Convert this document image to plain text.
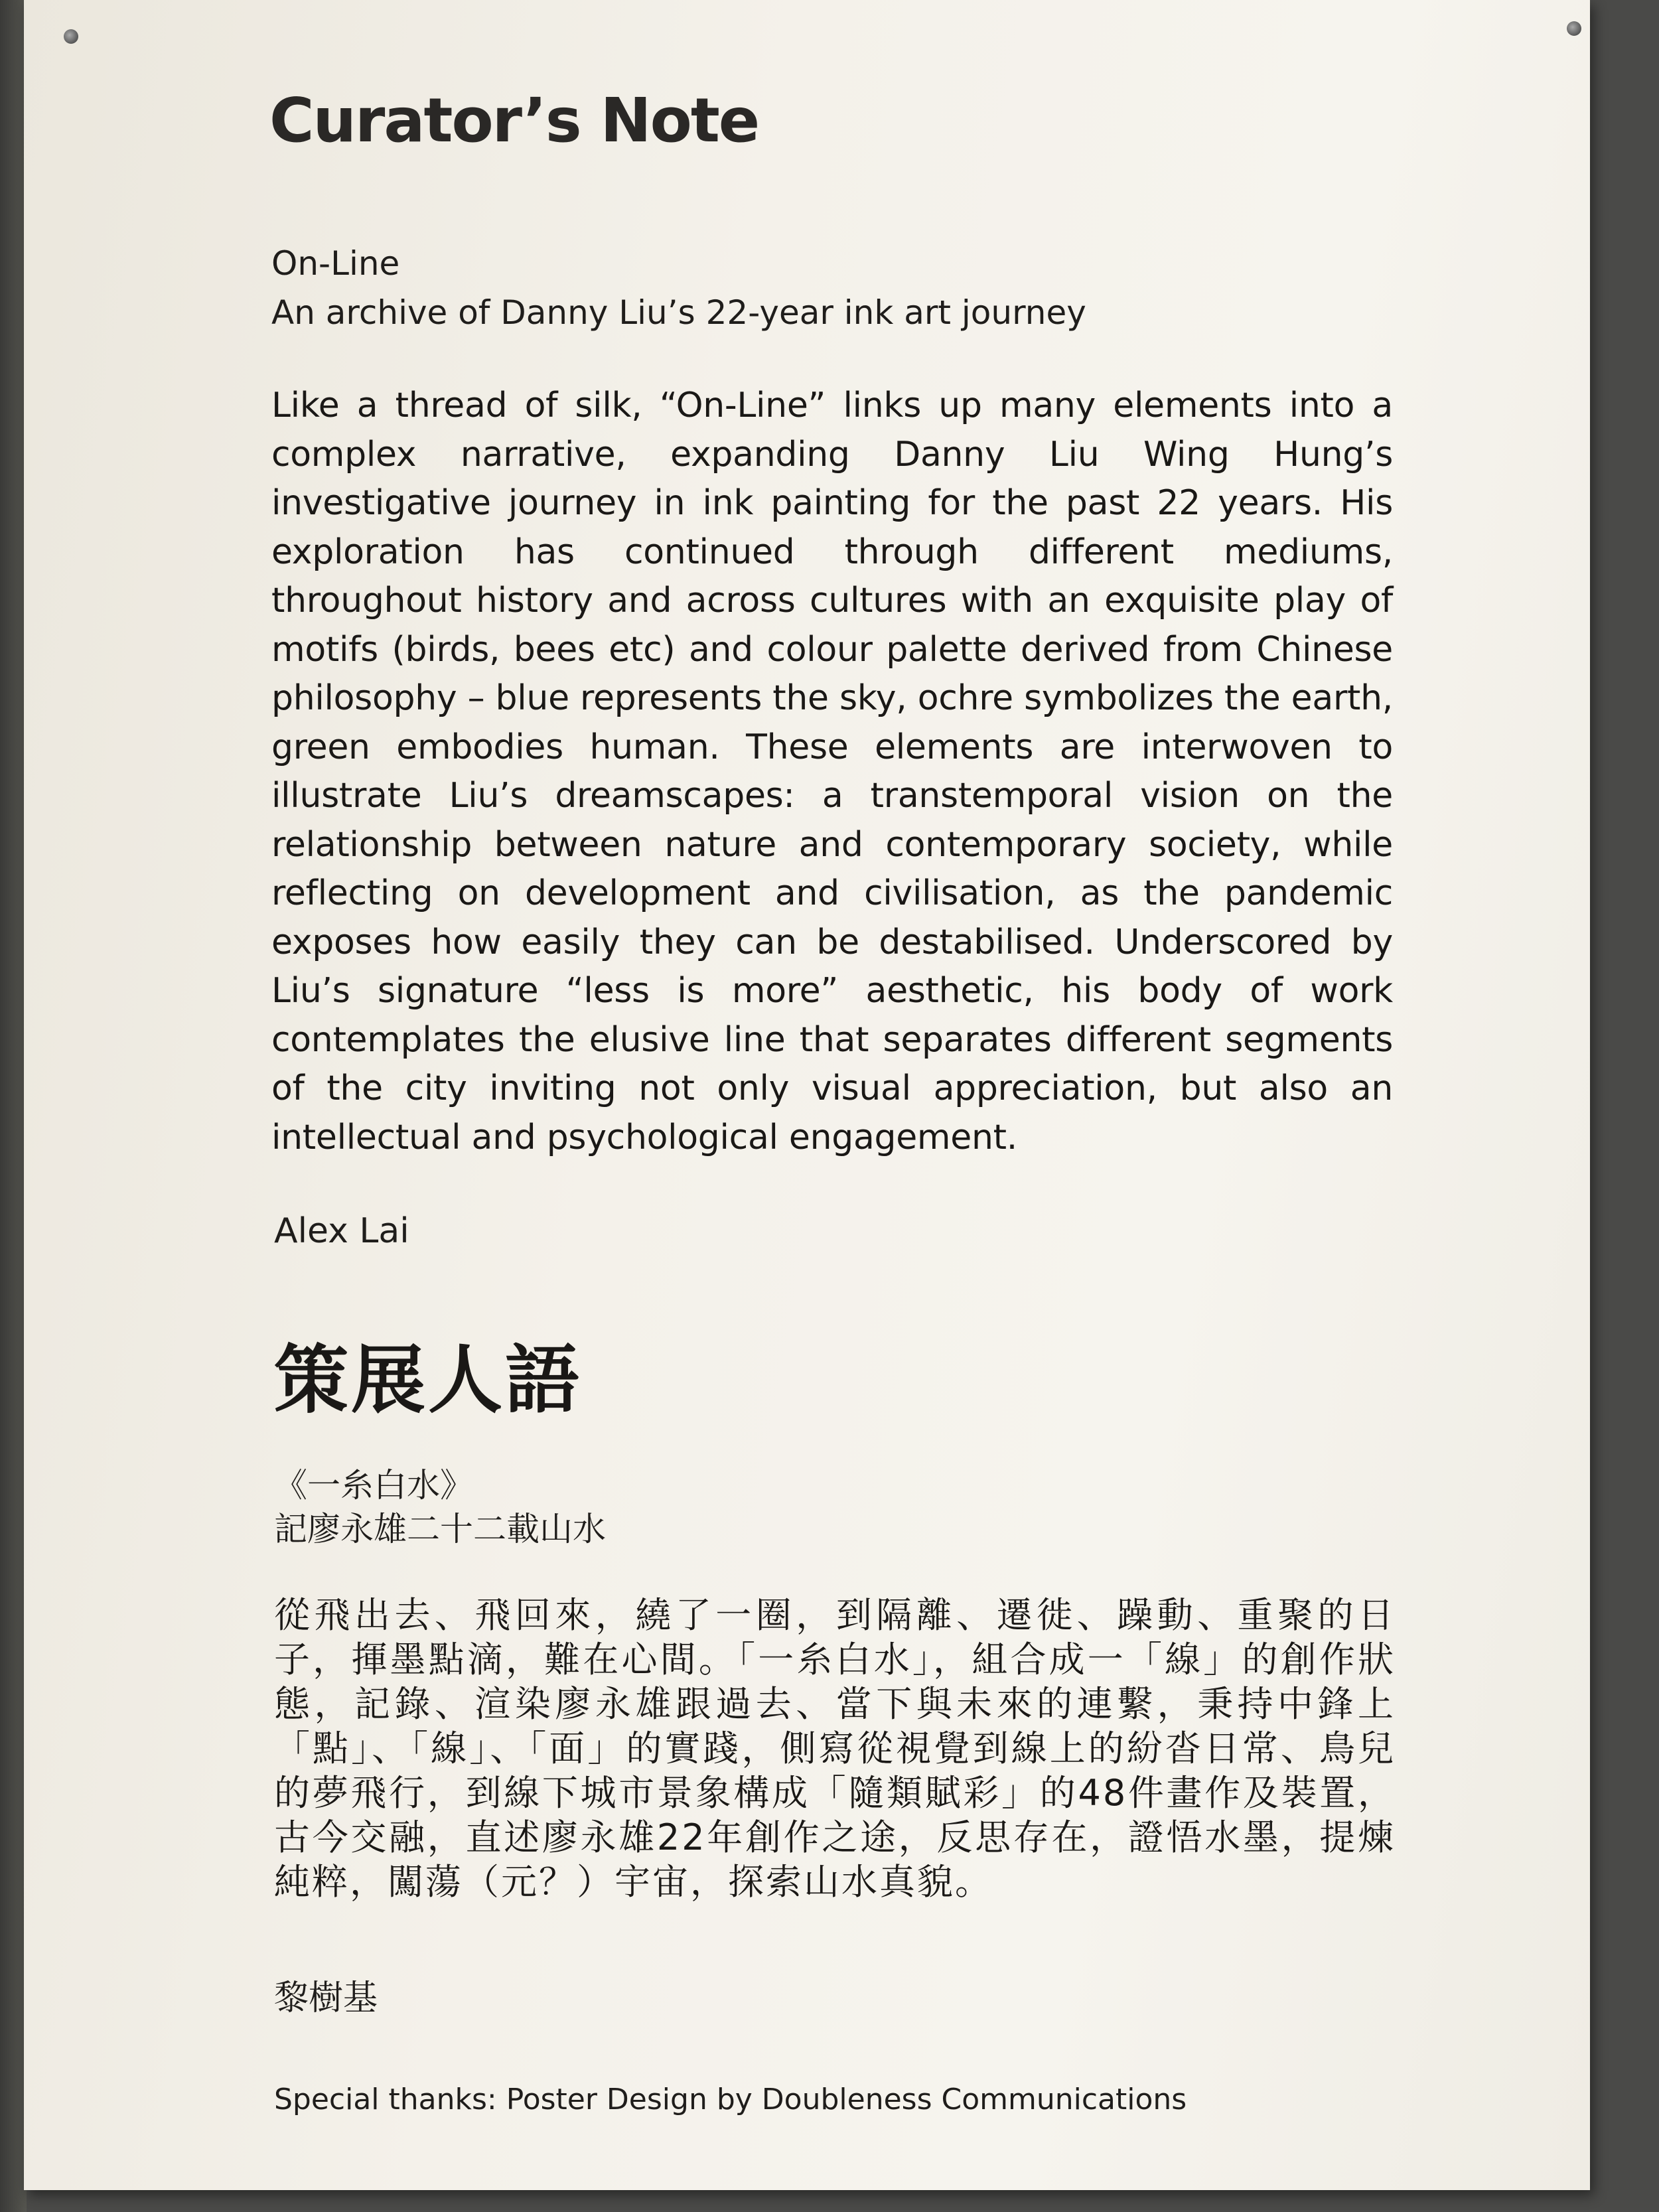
Curator’s Note
On-Line
An archive of Danny Liu’s 22-year ink art journey

Like a thread of silk, “On-Line” links up many elements into a complex narrative, expanding Danny Liu Wing Hung’s investigative journey in ink painting for the past 22 years. His exploration has continued through different mediums, throughout history and across cultures with an exquisite play of motifs (birds, bees etc) and colour palette derived from Chinese philosophy – blue represents the sky, ochre symbolizes the earth, green embodies human. These elements are interwoven to illustrate Liu’s dreamscapes: a transtemporal vision on the relationship between nature and contemporary society, while reflecting on development and civilisation, as the pandemic exposes how easily they can be destabilised. Underscored by Liu’s signature “less is more” aesthetic, his body of work contemplates the elusive line that separates different segments of the city inviting not only visual appreciation, but also an intellectual and psychological engagement.

Alex Lai
策展人語
《一糸白水》
記廖永雄二十二載山水

從飛出去、飛回來，繞了一圈，到隔離、遷徙、躁動、重聚的日子，揮墨點滴，難在心間。「一糸白水」，組合成一「線」的創作狀態，記錄、渲染廖永雄跟過去、當下與未來的連繫，秉持中鋒上「點」、「線」、「面」的實踐，側寫從視覺到線上的紛沓日常、鳥兒的夢飛行，到線下城市景象構成「隨類賦彩」的48件畫作及裝置，古今交融，直述廖永雄22年創作之途，反思存在，證悟水墨，提煉純粹，闖蕩（元？）宇宙，探索山水真貌。

黎樹基
Special thanks: Poster Design by Doubleness Communications
